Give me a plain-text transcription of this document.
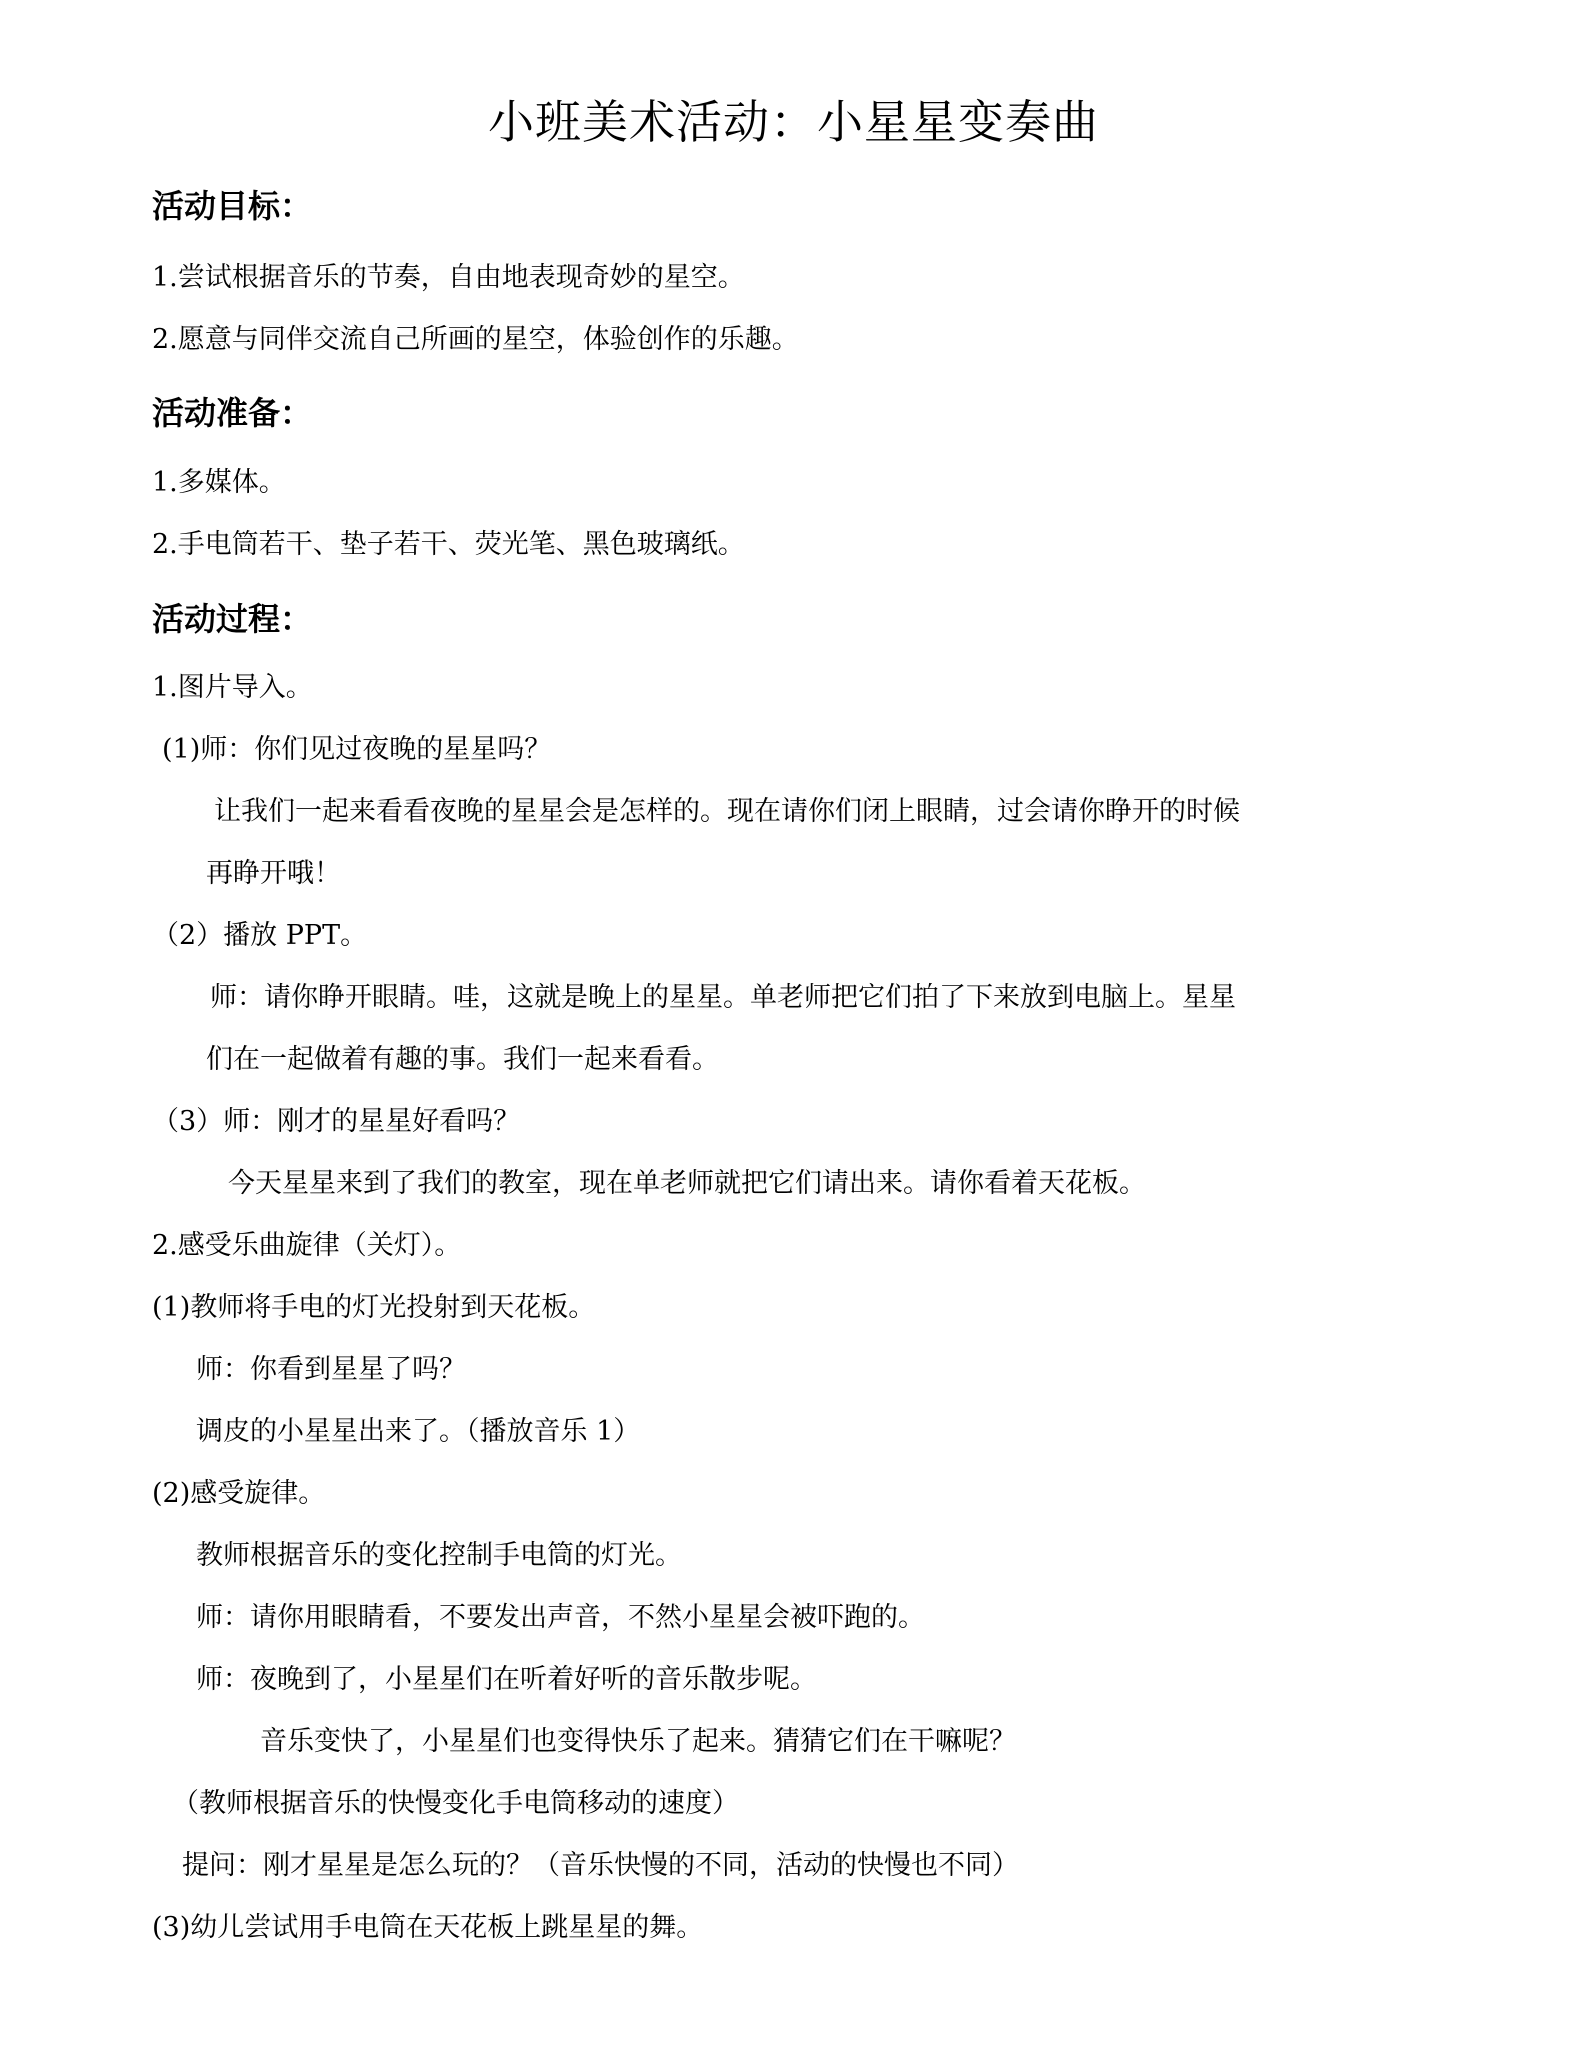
小班美术活动：小星星变奏曲
活动目标：
1.尝试根据音乐的节奏，自由地表现奇妙的星空。
2.愿意与同伴交流自己所画的星空，体验创作的乐趣。
活动准备：
1.多媒体。
2.手电筒若干、垫子若干、荧光笔、黑色玻璃纸。
活动过程：
1.图片导入。
(1)师：你们见过夜晚的星星吗？
让我们一起来看看夜晚的星星会是怎样的。现在请你们闭上眼睛，过会请你睁开的时候
再睁开哦！
（2）播放 PPT。
师：请你睁开眼睛。哇，这就是晚上的星星。单老师把它们拍了下来放到电脑上。星星
们在一起做着有趣的事。我们一起来看看。
（3）师：刚才的星星好看吗？
今天星星来到了我们的教室，现在单老师就把它们请出来。请你看着天花板。
2.感受乐曲旋律（关灯）。
(1)教师将手电的灯光投射到天花板。
师：你看到星星了吗？
调皮的小星星出来了。（播放音乐 1）
(2)感受旋律。
教师根据音乐的变化控制手电筒的灯光。
师：请你用眼睛看，不要发出声音，不然小星星会被吓跑的。
师：夜晚到了，小星星们在听着好听的音乐散步呢。
音乐变快了，小星星们也变得快乐了起来。猜猜它们在干嘛呢？
（教师根据音乐的快慢变化手电筒移动的速度）
提问：刚才星星是怎么玩的？（音乐快慢的不同，活动的快慢也不同）
(3)幼儿尝试用手电筒在天花板上跳星星的舞。
